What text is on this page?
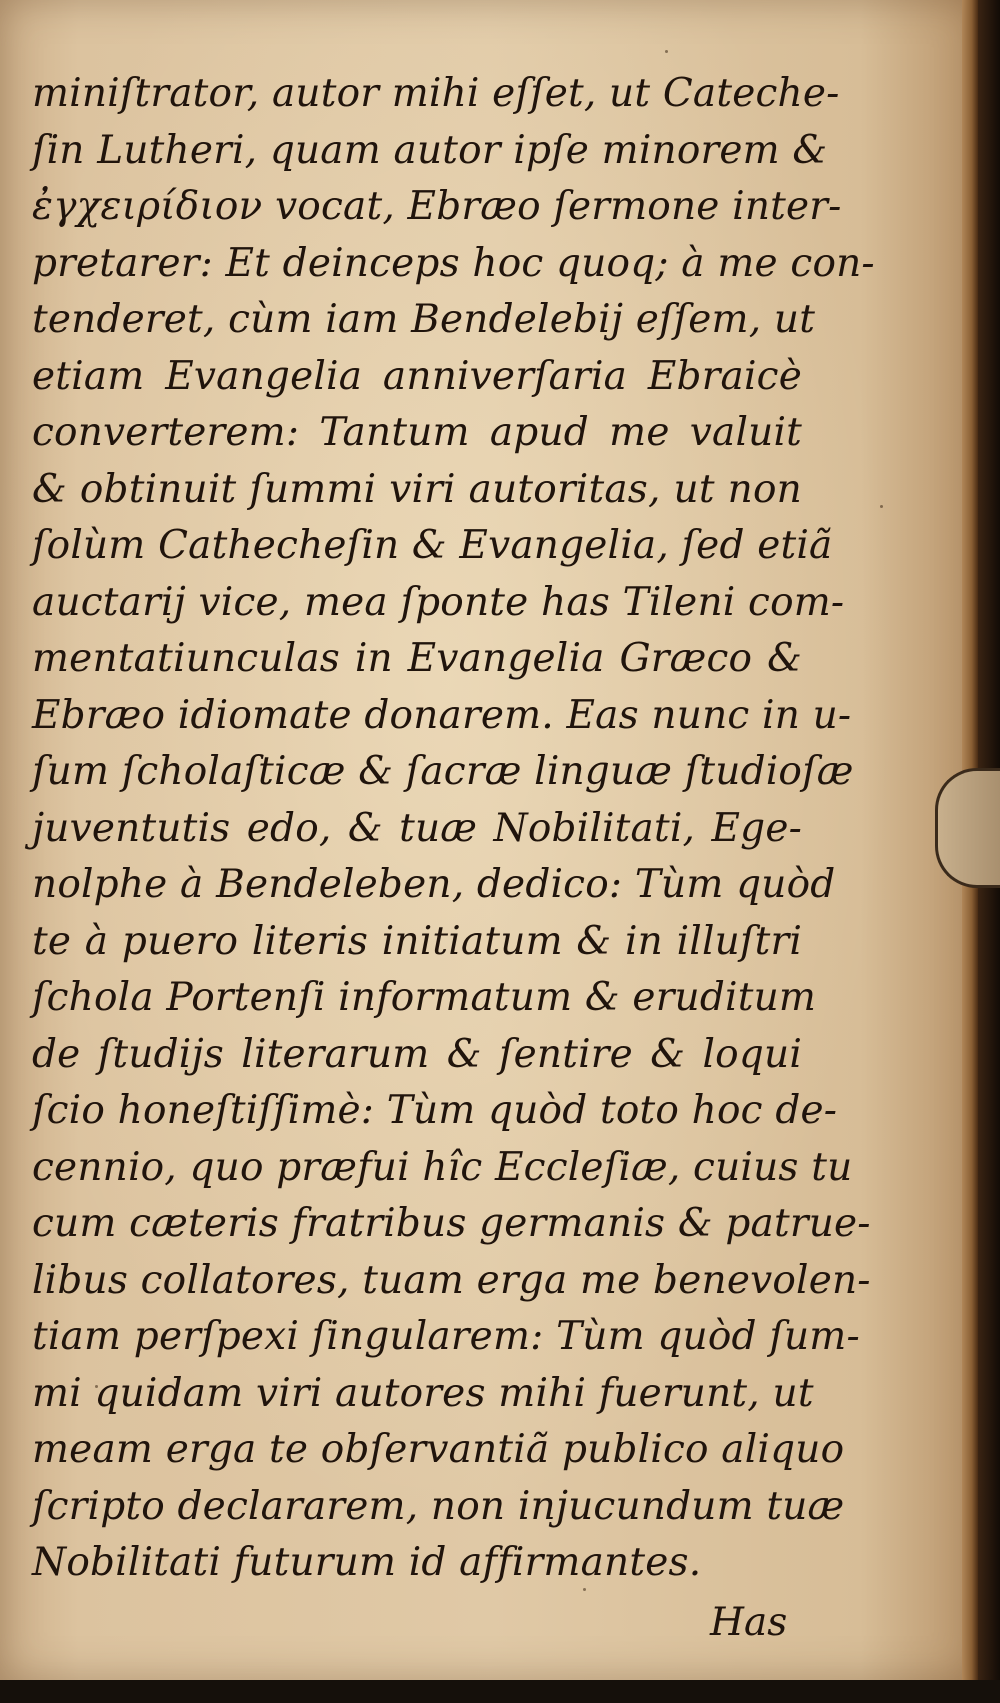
miniſtrator, autor mihi eſſet, ut Cateche-
ſin Lutheri, quam autor ipſe minorem &
ἐγχειρίδιον vocat, Ebræo ſermone inter-
pretarer: Et deinceps hoc quoq; à me con-
tenderet, cùm iam Bendelebij eſſem, ut
etiam Evangelia anniverſaria Ebraicè
converterem: Tantum apud me valuit
& obtinuit ſummi viri autoritas, ut non
ſolùm Cathecheſin & Evangelia, ſed etiã
auctarij vice, mea ſponte has Tileni com-
mentatiunculas in Evangelia Græco &
Ebræo idiomate donarem. Eas nunc in u-
ſum ſcholaſticæ & ſacræ linguæ ſtudioſæ
juventutis edo, & tuæ Nobilitati, Ege-
nolphe à Bendeleben, dedico: Tùm quòd
te à puero literis initiatum & in illuſtri
ſchola Portenſi informatum & eruditum
de ſtudijs literarum & ſentire & loqui
ſcio honeſtiſſimè: Tùm quòd toto hoc de-
cennio, quo præfui hîc Eccleſiæ, cuius tu
cum cæteris fratribus germanis & patrue-
libus collatores, tuam erga me benevolen-
tiam perſpexi ſingularem: Tùm quòd ſum-
mi quidam viri autores mihi fuerunt, ut
meam erga te obſervantiã publico aliquo
ſcripto declararem, non injucundum tuæ
Nobilitati futurum id affirmantes.
Has
